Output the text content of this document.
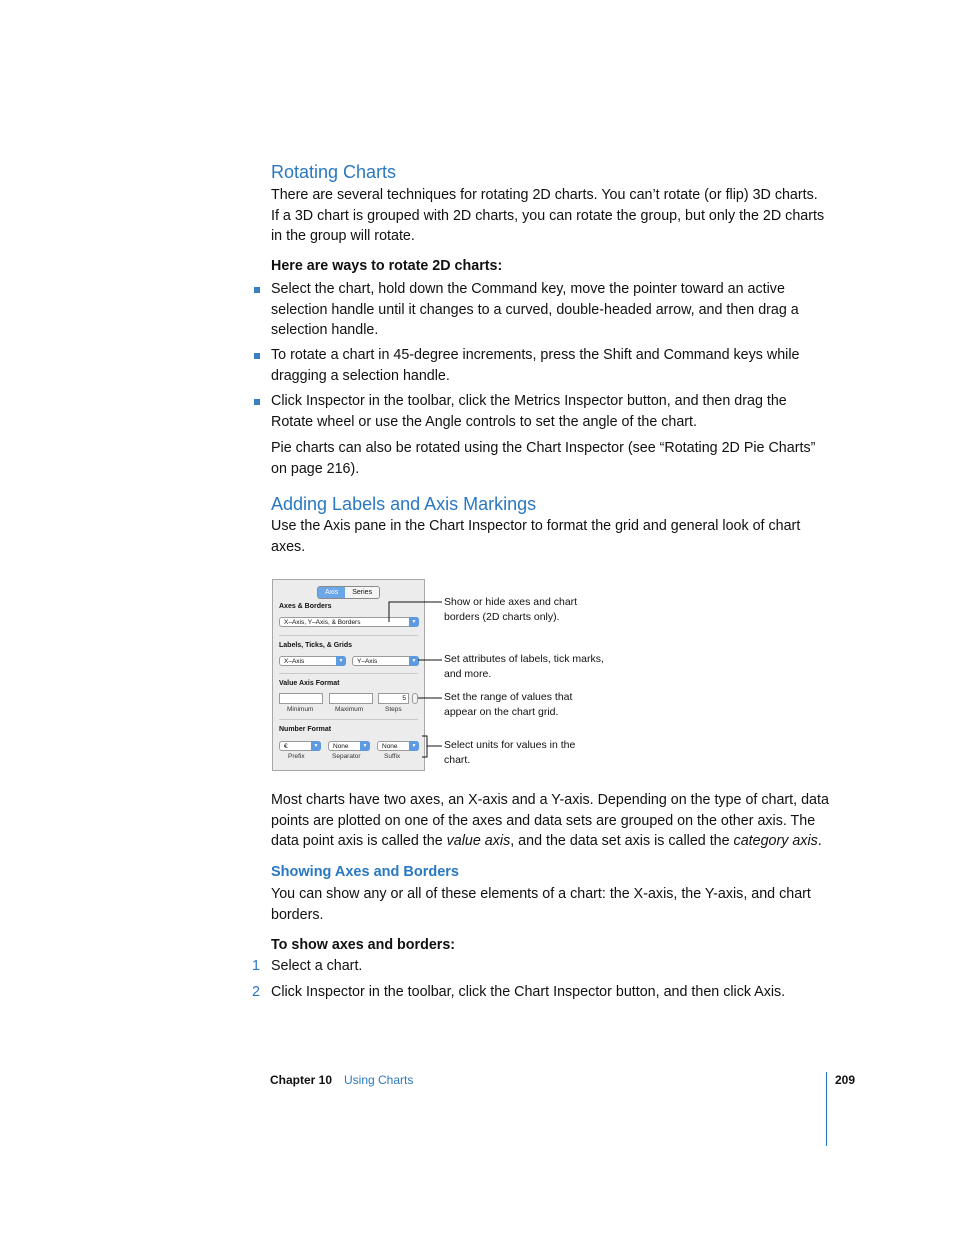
Rotating Charts

There are several techniques for rotating 2D charts. You can’t rotate (or flip) 3D charts. If a 3D chart is grouped with 2D charts, you can rotate the group, but only the 2D charts in the group will rotate.

Here are ways to rotate 2D charts:

Select the chart, hold down the Command key, move the pointer toward an active selection handle until it changes to a curved, double-headed arrow, and then drag a selection handle.

To rotate a chart in 45-degree increments, press the Shift and Command keys while dragging a selection handle.

Click Inspector in the toolbar, click the Metrics Inspector button, and then drag the Rotate wheel or use the Angle controls to set the angle of the chart.

Pie charts can also be rotated using the Chart Inspector (see “Rotating 2D Pie Charts” on page 216).

Adding Labels and Axis Markings

Use the Axis pane in the Chart Inspector to format the grid and general look of chart axes.

Axis	Series
Axes & Borders
X–Axis, Y–Axis, & Borders	▼
Labels, Ticks, & Grids
X–Axis	▼	Y–Axis	▼
Value Axis Format
5
Minimum	Maximum	Steps
Number Format
€	▼	None	▼	None	▼
Prefix	Separator	Suffix
Show or hide axes and chart borders (2D charts only).
Set attributes of labels, tick marks, and more.
Set the range of values that appear on the chart grid.
Select units for values in the chart.

Most charts have two axes, an X-axis and a Y-axis. Depending on the type of chart, data points are plotted on one of the axes and data sets are grouped on the other axis. The data point axis is called the value axis, and the data set axis is called the category axis.

Showing Axes and Borders

You can show any or all of these elements of a chart: the X-axis, the Y-axis, and chart borders.

To show axes and borders:

1 Select a chart.

2 Click Inspector in the toolbar, click the Chart Inspector button, and then click Axis.

Chapter 10 Using Charts	209
